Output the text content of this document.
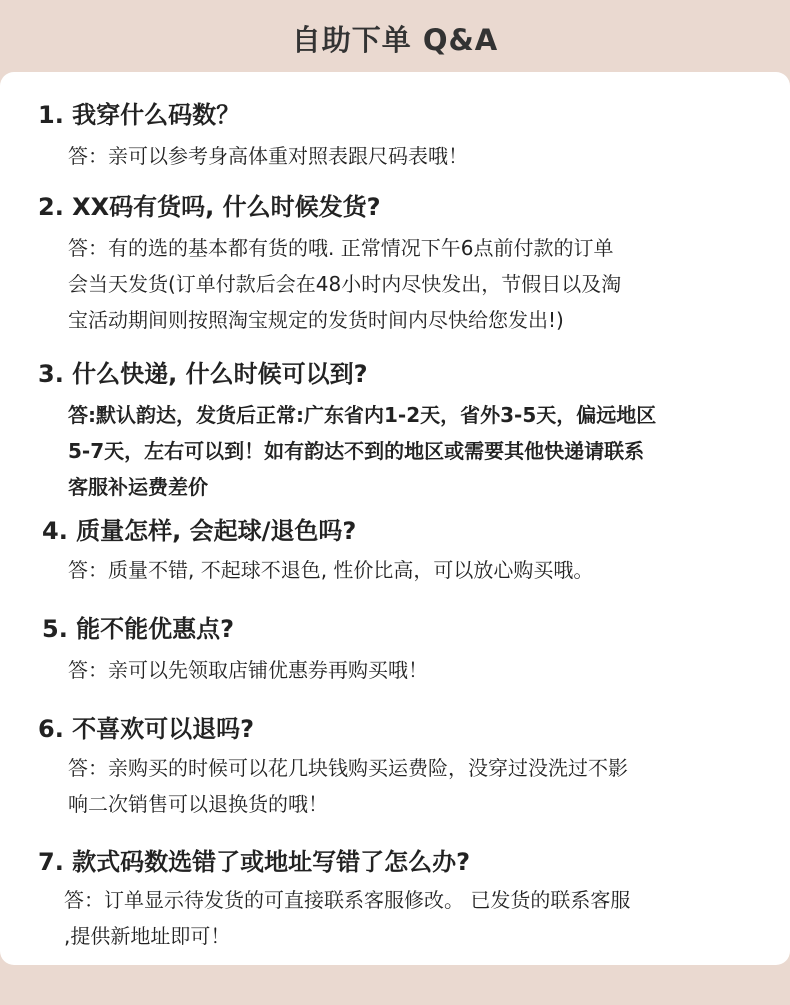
自助下单 Q&A
1. 我穿什么码数？
答：亲可以参考身高体重对照表跟尺码表哦！
2. XX码有货吗, 什么时候发货?
答：有的选的基本都有货的哦. 正常情况下午6点前付款的订单
会当天发货(订单付款后会在48小时内尽快发出，节假日以及淘
宝活动期间则按照淘宝规定的发货时间内尽快给您发出!)
3. 什么快递, 什么时候可以到?
答:默认韵达，发货后正常:广东省内1-2天，省外3-5天，偏远地区
5-7天，左右可以到！如有韵达不到的地区或需要其他快递请联系
客服补运费差价
4. 质量怎样, 会起球/退色吗?
答：质量不错, 不起球不退色, 性价比高，可以放心购买哦。
5. 能不能优惠点?
答：亲可以先领取店铺优惠券再购买哦！
6. 不喜欢可以退吗?
答：亲购买的时候可以花几块钱购买运费险，没穿过没洗过不影
响二次销售可以退换货的哦！
7. 款式码数选错了或地址写错了怎么办?
答：订单显示待发货的可直接联系客服修改。 已发货的联系客服
,提供新地址即可！
